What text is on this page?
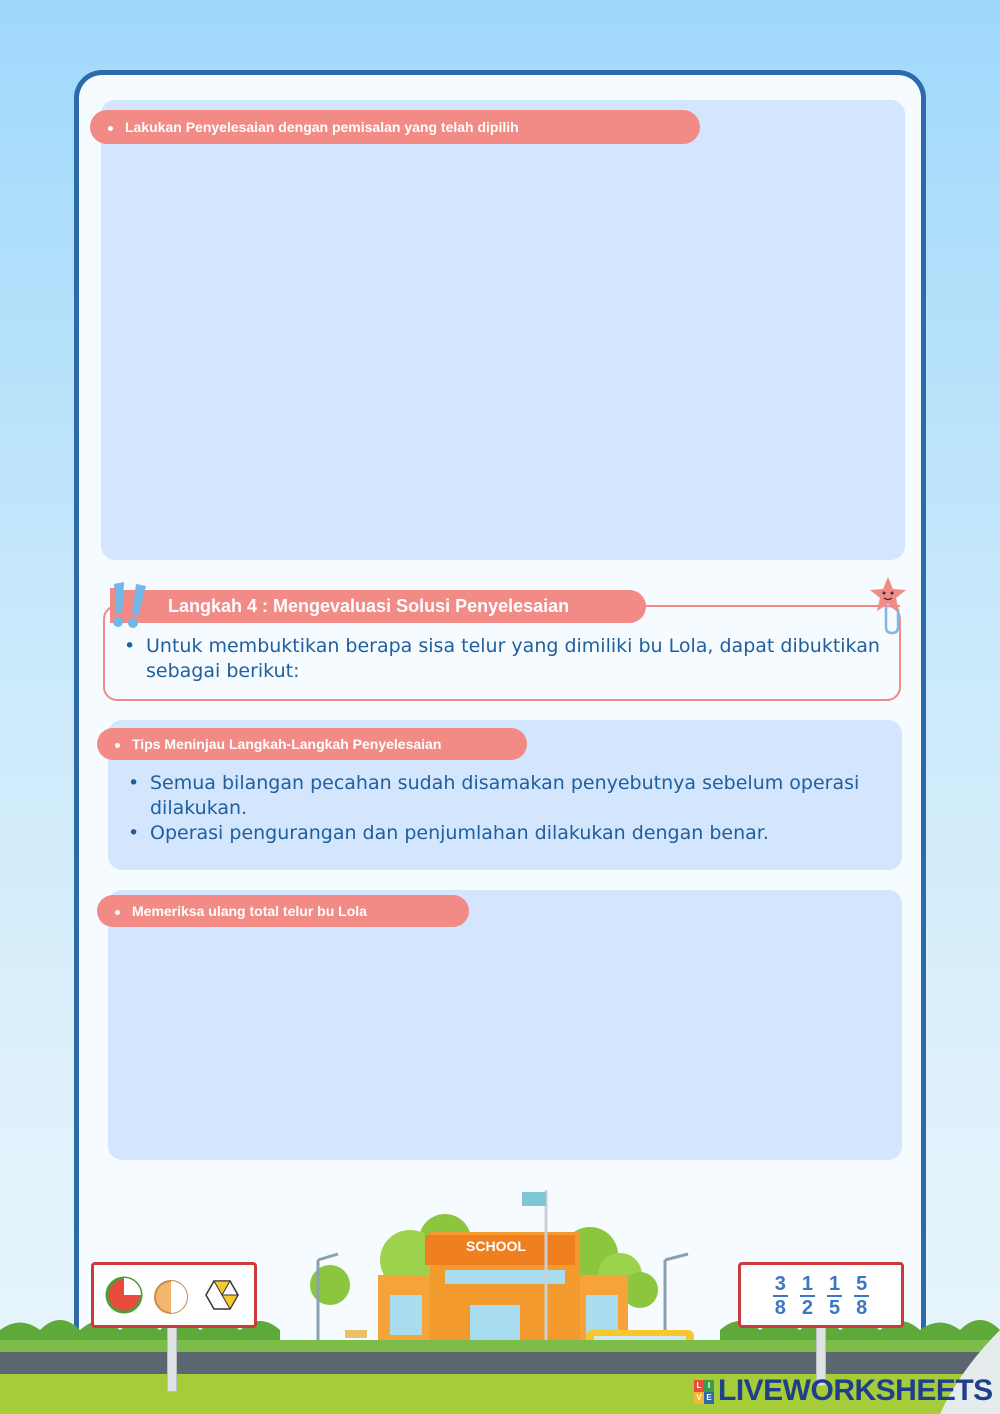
Lakukan Penyelesaian dengan pemisalan yang telah dipilih
Langkah 4 : Mengevaluasi Solusi Penyelesaian
• Untuk membuktikan berapa sisa telur yang dimiliki bu Lola, dapat dibuktikan sebagai berikut:
Tips Meninjau Langkah-Langkah Penyelesaian
• Semua bilangan pecahan sudah disamakan penyebutnya sebelum operasi dilakukan.
• Operasi pengurangan dan penjumlahan dilakukan dengan benar.
Memeriksa ulang total telur bu Lola
SCHOOL
$\frac{3}{8} \frac{1}{2} \frac{1}{5} \frac{5}{8}$
L I
V E LIVEWORKSHEETS
